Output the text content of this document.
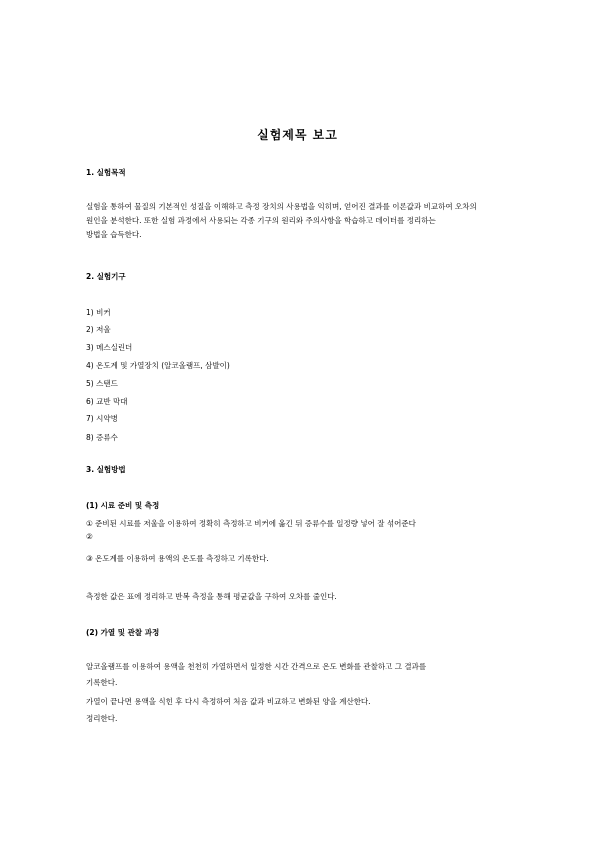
실험제목 보고
1. 실험목적
실험을 통하여 물질의 기본적인 성질을 이해하고 측정 장치의 사용법을 익히며, 얻어진 결과를 이론값과 비교하여 오차의
원인을 분석한다. 또한 실험 과정에서 사용되는 각종 기구의 원리와 주의사항을 학습하고 데이터를 정리하는
방법을 습득한다.
2. 실험기구
1) 비커
2) 저울
3) 메스실린더
4) 온도계 및 가열장치 (알코올램프, 삼발이)
5) 스탠드
6) 교반 막대
7) 시약병
8) 증류수
3. 실험방법
(1) 시료 준비 및 측정
① 준비된 시료를 저울을 이용하여 정확히 측정하고 비커에 옮긴 뒤 증류수를 일정량 넣어 잘 섞어준다
②
③ 온도계를 이용하여 용액의 온도를 측정하고 기록한다.
측정한 값은 표에 정리하고 반복 측정을 통해 평균값을 구하여 오차를 줄인다.
(2) 가열 및 관찰 과정
알코올램프를 이용하여 용액을 천천히 가열하면서 일정한 시간 간격으로 온도 변화를 관찰하고 그 결과를
기록한다.
가열이 끝나면 용액을 식힌 후 다시 측정하여 처음 값과 비교하고 변화된 양을 계산한다.
정리한다.
